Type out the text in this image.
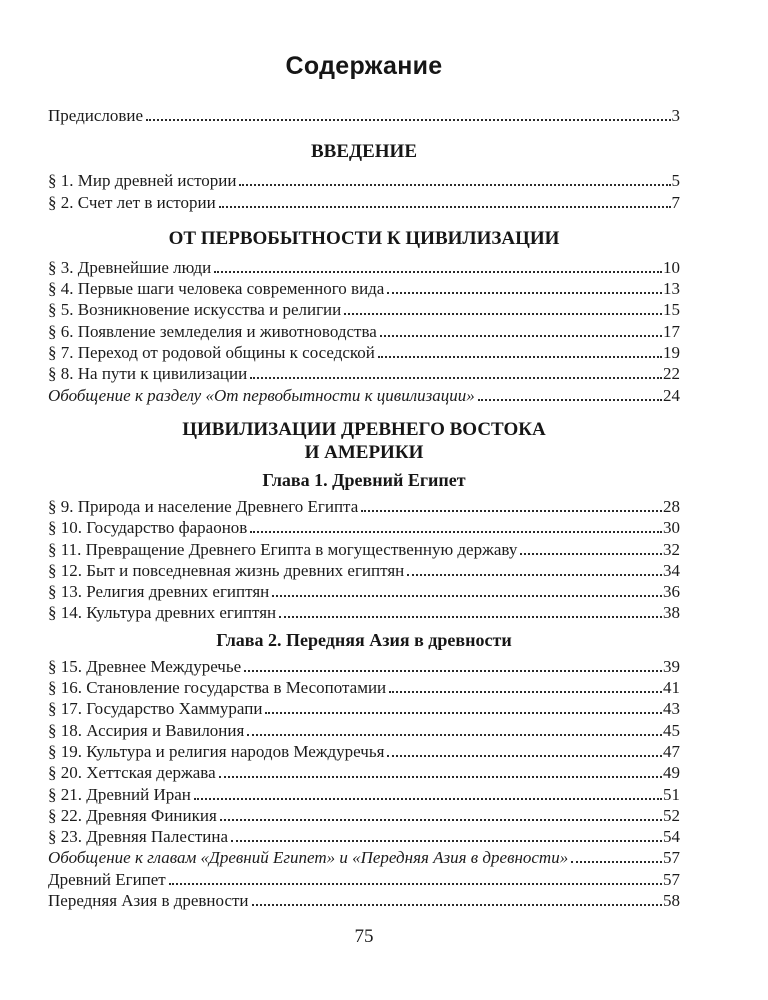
Содержание
Предисловие	3
ВВЕДЕНИЕ
§ 1. Мир древней истории	5
§ 2. Счет лет в истории	7
ОТ ПЕРВОБЫТНОСТИ К ЦИВИЛИЗАЦИИ
§ 3. Древнейшие люди	10
§ 4. Первые шаги человека современного вида	13
§ 5. Возникновение искусства и религии	15
§ 6. Появление земледелия и животноводства	17
§ 7. Переход от родовой общины к соседской	19
§ 8. На пути к цивилизации	22
Обобщение к разделу «От первобытности к цивилизации»	24
ЦИВИЛИЗАЦИИ ДРЕВНЕГО ВОСТОКА
И АМЕРИКИ
Глава 1. Древний Египет
§ 9. Природа и население Древнего Египта	28
§ 10. Государство фараонов	30
§ 11. Превращение Древнего Египта в могущественную державу	32
§ 12. Быт и повседневная жизнь древних египтян	34
§ 13. Религия древних египтян	36
§ 14. Культура древних египтян	38
Глава 2. Передняя Азия в древности
§ 15. Древнее Междуречье	39
§ 16. Становление государства в Месопотамии	41
§ 17. Государство Хаммурапи	43
§ 18. Ассирия и Вавилония	45
§ 19. Культура и религия народов Междуречья	47
§ 20. Хеттская держава	49
§ 21. Древний Иран	51
§ 22. Древняя Финикия	52
§ 23. Древняя Палестина	54
Обобщение к главам «Древний Египет» и «Передняя Азия в древности»	57
Древний Египет	57
Передняя Азия в древности	58
75
